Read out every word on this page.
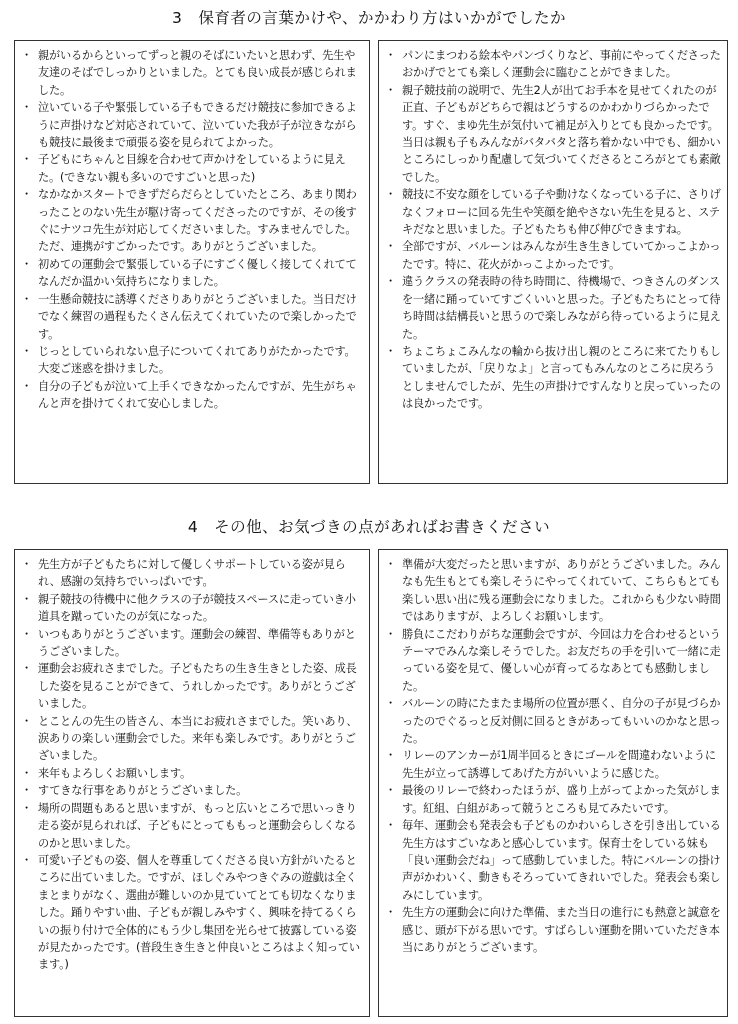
3　保育者の言葉かけや、かかわり方はいかがでしたか
・ 親がいるからといってずっと親のそばにいたいと思わず、先生や友達のそばでしっかりといました。とても良い成長が感じられました。
・ 泣いている子や緊張している子もできるだけ競技に参加できるように声掛けなど対応されていて、泣いていた我が子が泣きながらも競技に最後まで頑張る姿を見られてよかった。
・ 子どもにちゃんと目線を合わせて声かけをしているように見えた。(できない親も多いのですごいと思った)
・ なかなかスタートできずだらだらとしていたところ、あまり関わったことのない先生が駆け寄ってくださったのですが、その後すぐにナツコ先生が対応してくださいました。すみませんでした。ただ、連携がすごかったです。ありがとうございました。
・ 初めての運動会で緊張している子にすごく優しく接してくれててなんだか温かい気持ちになりました。
・ 一生懸命競技に誘導くださりありがとうございました。当日だけでなく練習の過程もたくさん伝えてくれていたので楽しかったです。
・ じっとしていられない息子についてくれてありがたかったです。大変ご迷惑を掛けました。
・ 自分の子どもが泣いて上手くできなかったんですが、先生がちゃんと声を掛けてくれて安心しました。
・ パンにまつわる絵本やパンづくりなど、事前にやってくださったおかげでとても楽しく運動会に臨むことができました。
・ 親子競技前の説明で、先生2人が出てお手本を見せてくれたのが正直、子どもがどちらで親はどうするのかわかりづらかったです。すぐ、まゆ先生が気付いて補足が入りとても良かったです。当日は親も子もみんながバタバタと落ち着かない中でも、細かいところにしっかり配慮して気づいてくださるところがとても素敵でした。
・ 競技に不安な顔をしている子や動けなくなっている子に、さりげなくフォローに回る先生や笑顔を絶やさない先生を見ると、ステキだなと思いました。子どもたちも伸び伸びできますね。
・ 全部ですが、バルーンはみんなが生き生きしていてかっこよかったです。特に、花火がかっこよかったです。
・ 違うクラスの発表時の待ち時間に、待機場で、つきさんのダンスを一緒に踊っていてすごくいいと思った。子どもたちにとって待ち時間は結構長いと思うので楽しみながら待っているように見えた。
・ ちょこちょこみんなの輪から抜け出し親のところに来てたりもしていましたが、「戻りなよ」と言ってもみんなのところに戻ろうとしませんでしたが、先生の声掛けですんなりと戻っていったのは良かったです。
4　その他、お気づきの点があればお書きください
・ 先生方が子どもたちに対して優しくサポートしている姿が見られ、感謝の気持ちでいっぱいです。
・ 親子競技の待機中に他クラスの子が競技スペースに走っていき小道具を蹴っていたのが気になった。
・ いつもありがとうございます。運動会の練習、準備等もありがとうございました。
・ 運動会お疲れさまでした。子どもたちの生き生きとした姿、成長した姿を見ることができて、うれしかったです。ありがとうございました。
・ とことんの先生の皆さん、本当にお疲れさまでした。笑いあり、涙ありの楽しい運動会でした。来年も楽しみです。ありがとうございました。
・ 来年もよろしくお願いします。
・ すてきな行事をありがとうございました。
・ 場所の問題もあると思いますが、もっと広いところで思いっきり走る姿が見られれば、子どもにとってももっと運動会らしくなるのかと思いました。
・ 可愛い子どもの姿、個人を尊重してくださる良い方針がいたるところに出ていました。ですが、ほしぐみやつきぐみの遊戯は全くまとまりがなく、選曲が難しいのか見ていてとても切なくなりました。踊りやすい曲、子どもが親しみやすく、興味を持てるくらいの振り付けで全体的にもう少し集団を光らせて披露している姿が見たかったです。(普段生き生きと仲良いところはよく知っています。)
・ 準備が大変だったと思いますが、ありがとうございました。みんなも先生もとても楽しそうにやってくれていて、こちらもとても楽しい思い出に残る運動会になりました。これからも少ない時間ではありますが、よろしくお願いします。
・ 勝負にこだわりがちな運動会ですが、今回は力を合わせるというテーマでみんな楽しそうでした。お友だちの手を引いて一緒に走っている姿を見て、優しい心が育ってるなあとても感動しました。
・ バルーンの時にたまたま場所の位置が悪く、自分の子が見づらかったのでぐるっと反対側に回るときがあってもいいのかなと思った。
・ リレーのアンカーが1周半回るときにゴールを間違わないように先生が立って誘導してあげた方がいいように感じた。
・ 最後のリレーで終わったほうが、盛り上がってよかった気がします。紅組、白組があって競うところも見てみたいです。
・ 毎年、運動会も発表会も子どものかわいらしさを引き出している先生方はすごいなあと感心しています。保育士をしている妹も「良い運動会だね」って感動していました。特にバルーンの掛け声がかわいく、動きもそろっていてきれいでした。発表会も楽しみにしています。
・ 先生方の運動会に向けた準備、また当日の進行にも熱意と誠意を感じ、頭が下がる思いです。すばらしい運動を開いていただき本当にありがとうございます。
